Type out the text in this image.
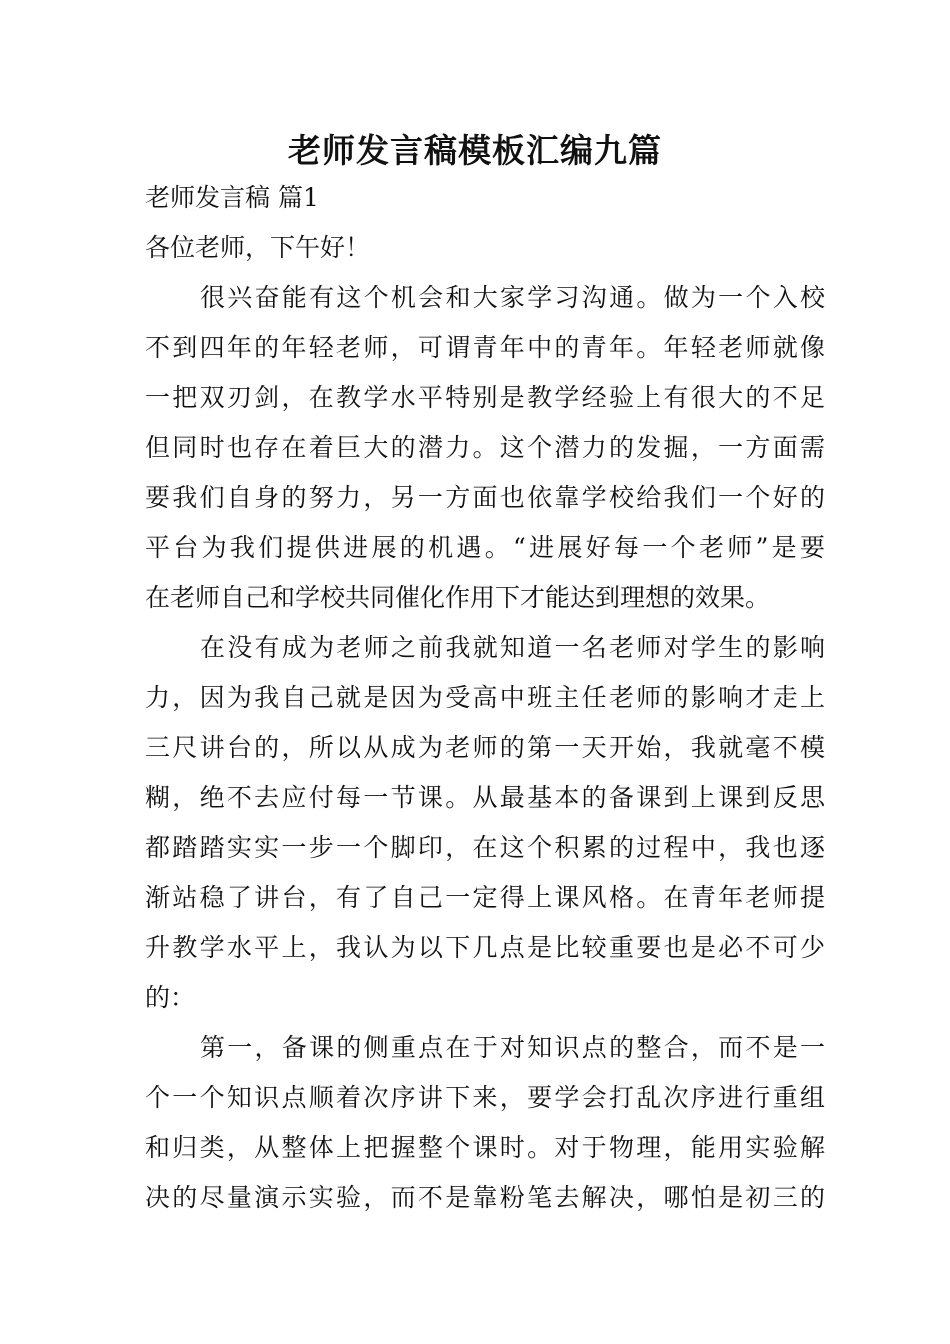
老师发言稿模板汇编九篇

老师发言稿 篇1

各位老师，下午好！

很兴奋能有这个机会和大家学习沟通。做为一个入校

不到四年的年轻老师，可谓青年中的青年。年轻老师就像

一把双刃剑，在教学水平特别是教学经验上有很大的不足

但同时也存在着巨大的潜力。这个潜力的发掘，一方面需

要我们自身的努力，另一方面也依靠学校给我们一个好的

平台为我们提供进展的机遇。“进展好每一个老师”是要

在老师自己和学校共同催化作用下才能达到理想的效果。

在没有成为老师之前我就知道一名老师对学生的影响

力，因为我自己就是因为受高中班主任老师的影响才走上

三尺讲台的，所以从成为老师的第一天开始，我就毫不模

糊，绝不去应付每一节课。从最基本的备课到上课到反思

都踏踏实实一步一个脚印，在这个积累的过程中，我也逐

渐站稳了讲台，有了自己一定得上课风格。在青年老师提

升教学水平上，我认为以下几点是比较重要也是必不可少

的：

第一，备课的侧重点在于对知识点的整合，而不是一

个一个知识点顺着次序讲下来，要学会打乱次序进行重组

和归类，从整体上把握整个课时。对于物理，能用实验解

决的尽量演示实验，而不是靠粉笔去解决，哪怕是初三的
